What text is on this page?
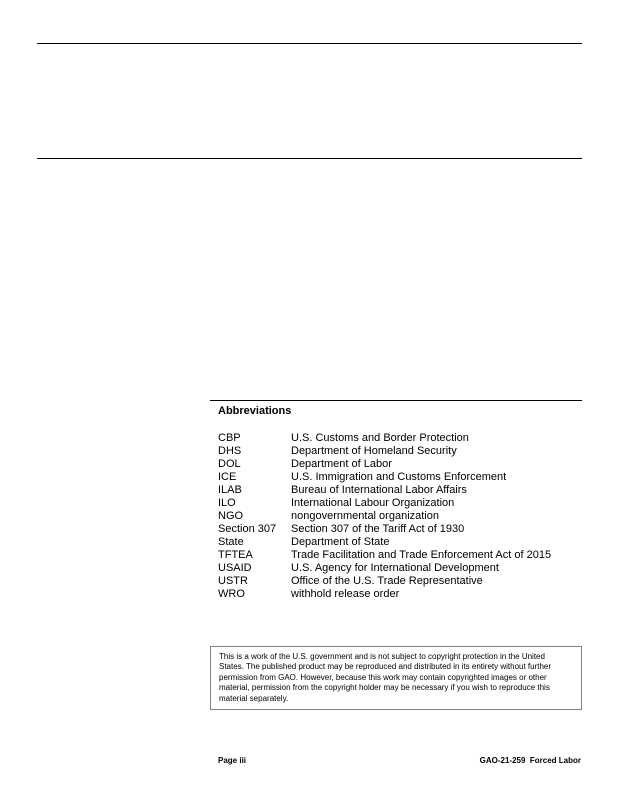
Abbreviations
CBP	U.S. Customs and Border Protection
DHS	Department of Homeland Security
DOL	Department of Labor
ICE	U.S. Immigration and Customs Enforcement
ILAB	Bureau of International Labor Affairs
ILO	International Labour Organization
NGO	nongovernmental organization
Section 307	Section 307 of the Tariff Act of 1930
State	Department of State
TFTEA	Trade Facilitation and Trade Enforcement Act of 2015
USAID	U.S. Agency for International Development
USTR	Office of the U.S. Trade Representative
WRO	withhold release order
This is a work of the U.S. government and is not subject to copyright protection in the United States. The published product may be reproduced and distributed in its entirety without further permission from GAO. However, because this work may contain copyrighted images or other material, permission from the copyright holder may be necessary if you wish to reproduce this material separately.
Page iii	GAO-21-259  Forced Labor
